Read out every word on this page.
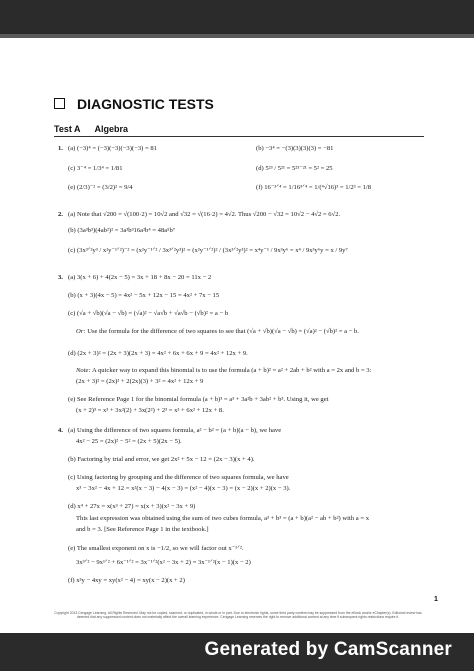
DIAGNOSTIC TESTS
Test A Algebra
1. (a) (−3)⁴ = (−3)(−3)(−3)(−3) = 81	(b) −3⁴ = −(3)(3)(3)(3) = −81
(c) 3⁻⁴ = 1/3⁴ = 1/81	(d) 5²³ / 5²¹ = 5²³⁻²¹ = 5² = 25
(e) (2/3)⁻² = (3/2)² = 9/4	(f) 16⁻³ᐟ⁴ = 1/16³ᐟ⁴ = 1/(⁴√16)³ = 1/2³ = 1/8
2. (a) Note that √200 = √(100·2) = 10√2 and √32 = √(16·2) = 4√2. Thus √200 − √32 = 10√2 − 4√2 = 6√2.
(b) (3a³b³)(4ab²)² = 3a³b³16a²b⁴ = 48a⁵b⁷
(c) (3x³ᐟ²y³ / x²y⁻¹ᐟ²)⁻² = (x²y⁻¹ᐟ² / 3x³ᐟ²y³)² = (x²y⁻¹ᐟ²)² / (3x³ᐟ²y³)² = x⁴y⁻¹ / 9x³y⁶ = x⁴ / 9x³y⁶y = x / 9y⁷
3. (a) 3(x + 6) + 4(2x − 5) = 3x + 18 + 8x − 20 = 11x − 2
(b) (x + 3)(4x − 5) = 4x² − 5x + 12x − 15 = 4x² + 7x − 15
(c) (√a + √b)(√a − √b) = (√a)² − √a√b + √a√b − (√b)² = a − b
Or: Use the formula for the difference of two squares to see that (√a + √b)(√a − √b) = (√a)² − (√b)² = a − b.
(d) (2x + 3)² = (2x + 3)(2x + 3) = 4x² + 6x + 6x + 9 = 4x² + 12x + 9.
Note: A quicker way to expand this binomial is to use the formula (a + b)² = a² + 2ab + b² with a = 2x and b = 3:
(2x + 3)² = (2x)² + 2(2x)(3) + 3² = 4x² + 12x + 9
(e) See Reference Page 1 for the binomial formula (a + b)³ = a³ + 3a²b + 3ab² + b³. Using it, we get
(x + 2)³ = x³ + 3x²(2) + 3x(2²) + 2³ = x³ + 6x² + 12x + 8.
4. (a) Using the difference of two squares formula, a² − b² = (a + b)(a − b), we have
4x² − 25 = (2x)² − 5² = (2x + 5)(2x − 5).
(b) Factoring by trial and error, we get 2x² + 5x − 12 = (2x − 3)(x + 4).
(c) Using factoring by grouping and the difference of two squares formula, we have
x³ − 3x² − 4x + 12 = x²(x − 3) − 4(x − 3) = (x² − 4)(x − 3) = (x − 2)(x + 2)(x − 3).
(d) x⁴ + 27x = x(x³ + 27) = x(x + 3)(x² − 3x + 9)
This last expression was obtained using the sum of two cubes formula, a³ + b³ = (a + b)(a² − ab + b²) with a = x
and b = 3. [See Reference Page 1 in the textbook.]
(e) The smallest exponent on x is −1/2, so we will factor out x⁻¹ᐟ².
3x³ᐟ² − 9x¹ᐟ² + 6x⁻¹ᐟ² = 3x⁻¹ᐟ²(x² − 3x + 2) = 3x⁻¹ᐟ²(x − 1)(x − 2)
(f) x³y − 4xy = xy(x² − 4) = xy(x − 2)(x + 2)
1
Copyright 2013 Cengage Learning. All Rights Reserved. May not be copied, scanned, or duplicated, in whole or in part. Due to electronic rights, some third party content may be suppressed from the eBook and/or eChapter(s). Editorial review has deemed that any suppressed content does not materially affect the overall learning experience. Cengage Learning reserves the right to remove additional content at any time if subsequent rights restrictions require it.
Generated by CamScanner
